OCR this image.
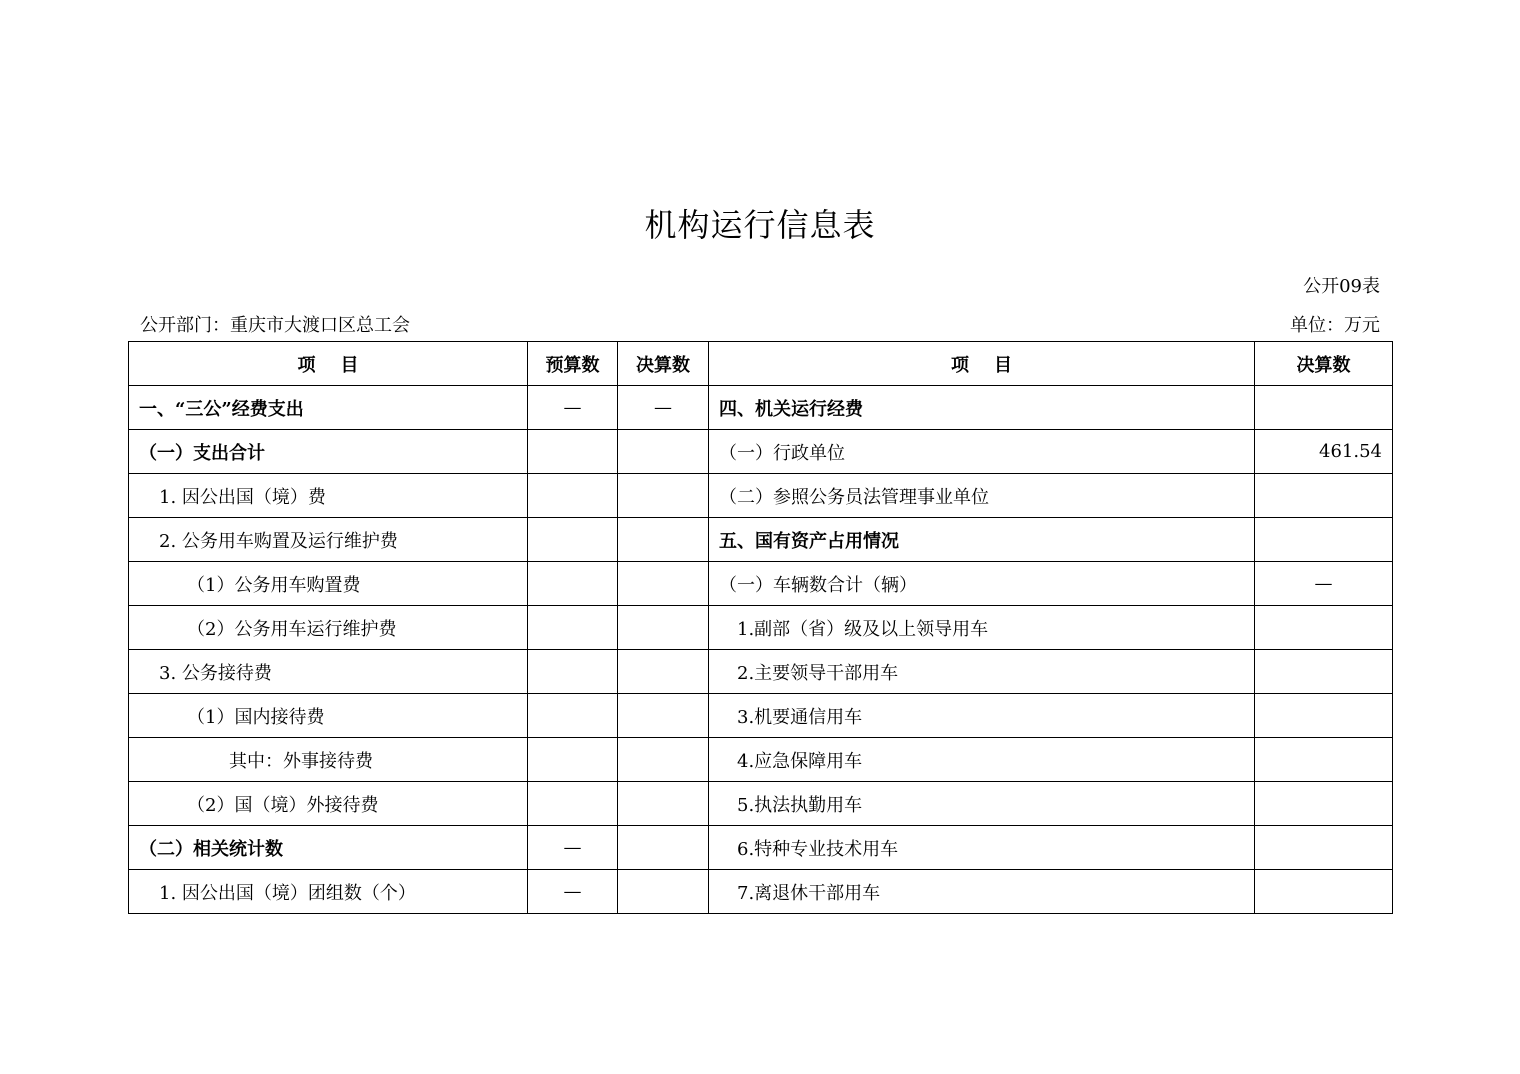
机构运行信息表
公开09表
公开部门：重庆市大渡口区总工会	单位：万元
项    目	预算数	决算数	项    目	决算数
一、“三公”经费支出	—	—	四、机关运行经费	
（一）支出合计			（一）行政单位	461.54
1. 因公出国（境）费			（二）参照公务员法管理事业单位	
2. 公务用车购置及运行维护费			五、国有资产占用情况	
（1）公务用车购置费			（一）车辆数合计（辆）	—
（2）公务用车运行维护费			1.副部（省）级及以上领导用车	
3. 公务接待费			2.主要领导干部用车	
（1）国内接待费			3.机要通信用车	
其中：外事接待费			4.应急保障用车	
（2）国（境）外接待费			5.执法执勤用车	
（二）相关统计数	—		6.特种专业技术用车	
1. 因公出国（境）团组数（个）	—		7.离退休干部用车	
